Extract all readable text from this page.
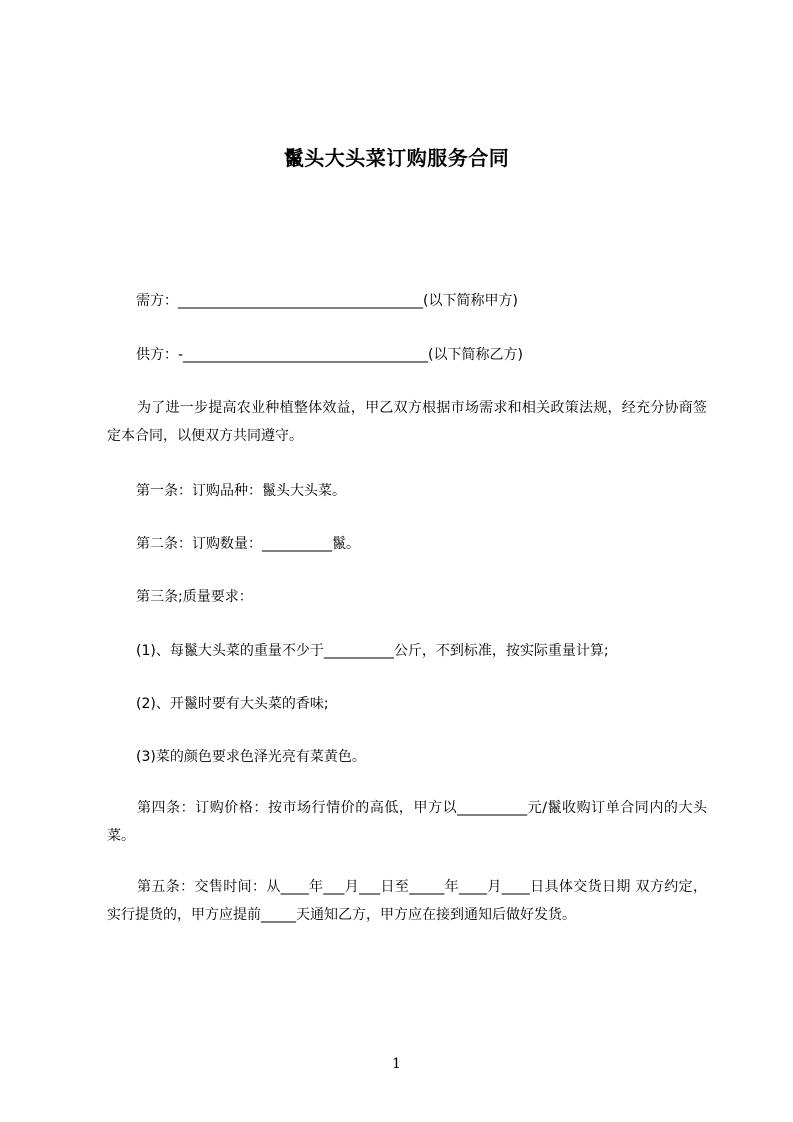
鬣头大头菜订购服务合同
需方：___________________________________(以下简称甲方)
供方：-___________________________________(以下简称乙方)
为了进一步提高农业种植整体效益，甲乙双方根据市场需求和相关政策法规，经充分协商签定本合同，以便双方共同遵守。
第一条：订购品种：鬣头大头菜。
第二条：订购数量：__________鬣。
第三条;质量要求：
(1)、每鬣大头菜的重量不少于__________公斤，不到标准，按实际重量计算;
(2)、开鬣时要有大头菜的香味;
(3)菜的颜色要求色泽光亮有菜黄色。
第四条：订购价格：按市场行情价的高低，甲方以__________元/鬣收购订单合同内的大头菜。
第五条：交售时间：从____年___月___日至_____年____月____日具体交货日期 双方约定，实行提货的，甲方应提前_____天通知乙方，甲方应在接到通知后做好发货。
1
